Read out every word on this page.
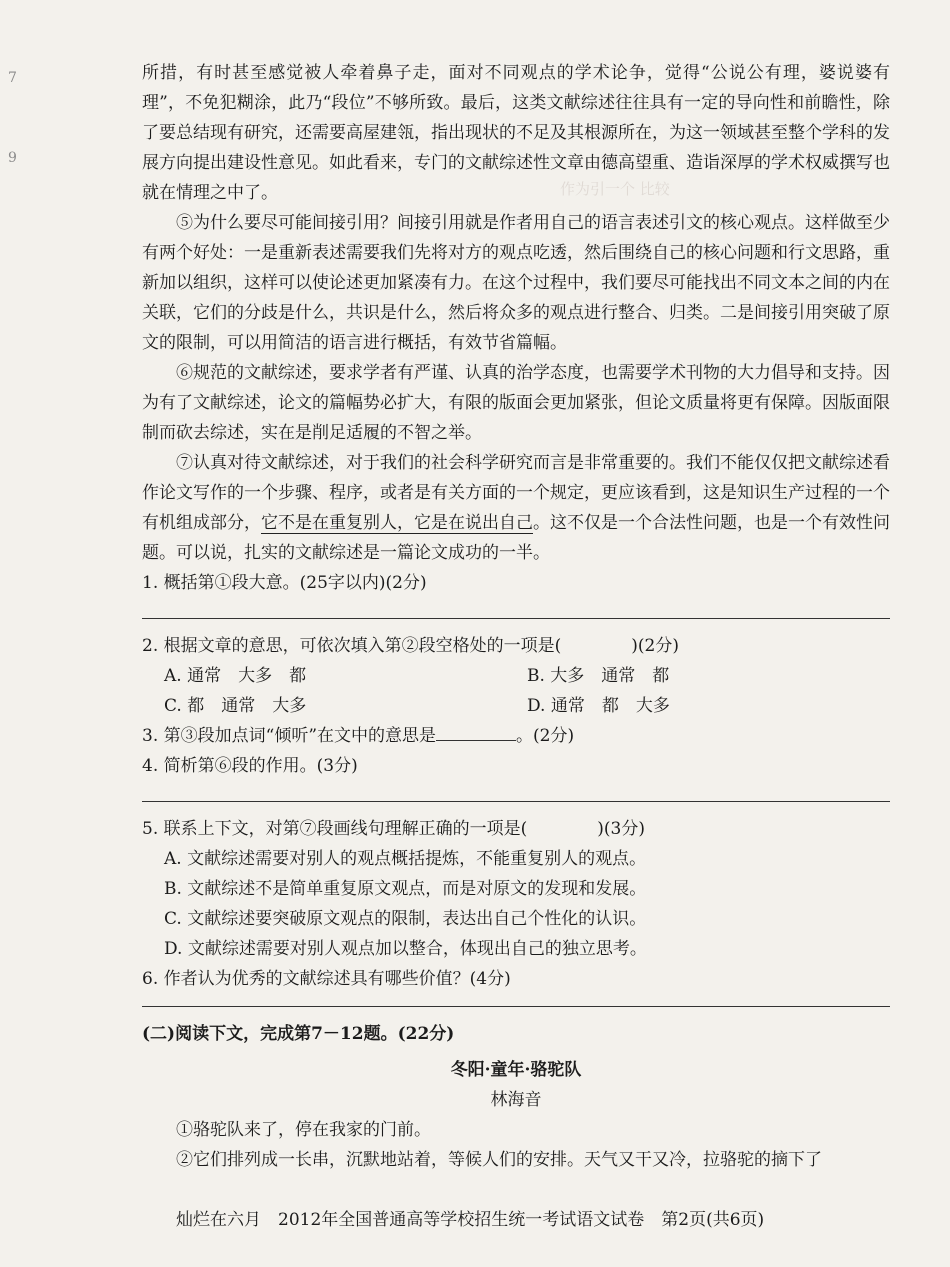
作为引一个 比较

7
9

所措，有时甚至感觉被人牵着鼻子走，面对不同观点的学术论争，觉得“公说公有理，婆说婆有理”，不免犯糊涂，此乃“段位”不够所致。最后，这类文献综述往往具有一定的导向性和前瞻性，除了要总结现有研究，还需要高屋建瓴，指出现状的不足及其根源所在，为这一领域甚至整个学科的发展方向提出建设性意见。如此看来，专门的文献综述性文章由德高望重、造诣深厚的学术权威撰写也就在情理之中了。

⑤为什么要尽可能间接引用？间接引用就是作者用自己的语言表述引文的核心观点。这样做至少有两个好处：一是重新表述需要我们先将对方的观点吃透，然后围绕自己的核心问题和行文思路，重新加以组织，这样可以使论述更加紧凑有力。在这个过程中，我们要尽可能找出不同文本之间的内在关联，它们的分歧是什么，共识是什么，然后将众多的观点进行整合、归类。二是间接引用突破了原文的限制，可以用简洁的语言进行概括，有效节省篇幅。

⑥规范的文献综述，要求学者有严谨、认真的治学态度，也需要学术刊物的大力倡导和支持。因为有了文献综述，论文的篇幅势必扩大，有限的版面会更加紧张，但论文质量将更有保障。因版面限制而砍去综述，实在是削足适履的不智之举。

⑦认真对待文献综述，对于我们的社会科学研究而言是非常重要的。我们不能仅仅把文献综述看作论文写作的一个步骤、程序，或者是有关方面的一个规定，更应该看到，这是知识生产过程的一个有机组成部分，它不是在重复别人，它是在说出自己。这不仅是一个合法性问题，也是一个有效性问题。可以说，扎实的文献综述是一篇论文成功的一半。

1. 概括第①段大意。(25字以内)(2分)
2. 根据文章的意思，可依次填入第②段空格处的一项是(	)(2分)
A. 通常　大多　都	B. 大多　通常　都
C. 都　通常　大多	D. 通常　都　大多
3. 第③段加点词“倾听”在文中的意思是	。(2分)
4. 简析第⑥段的作用。(3分)
5. 联系上下文，对第⑦段画线句理解正确的一项是(	)(3分)
A. 文献综述需要对别人的观点概括提炼，不能重复别人的观点。
B. 文献综述不是简单重复原文观点，而是对原文的发现和发展。
C. 文献综述要突破原文观点的限制，表达出自己个性化的认识。
D. 文献综述需要对别人观点加以整合，体现出自己的独立思考。
6. 作者认为优秀的文献综述具有哪些价值？(4分)
(二)阅读下文，完成第7－12题。(22分)
冬阳·童年·骆驼队
林海音

①骆驼队来了，停在我家的门前。

②它们排列成一长串，沉默地站着，等候人们的安排。天气又干又冷，拉骆驼的摘下了

灿烂在六月　2012年全国普通高等学校招生统一考试语文试卷　第2页(共6页)
